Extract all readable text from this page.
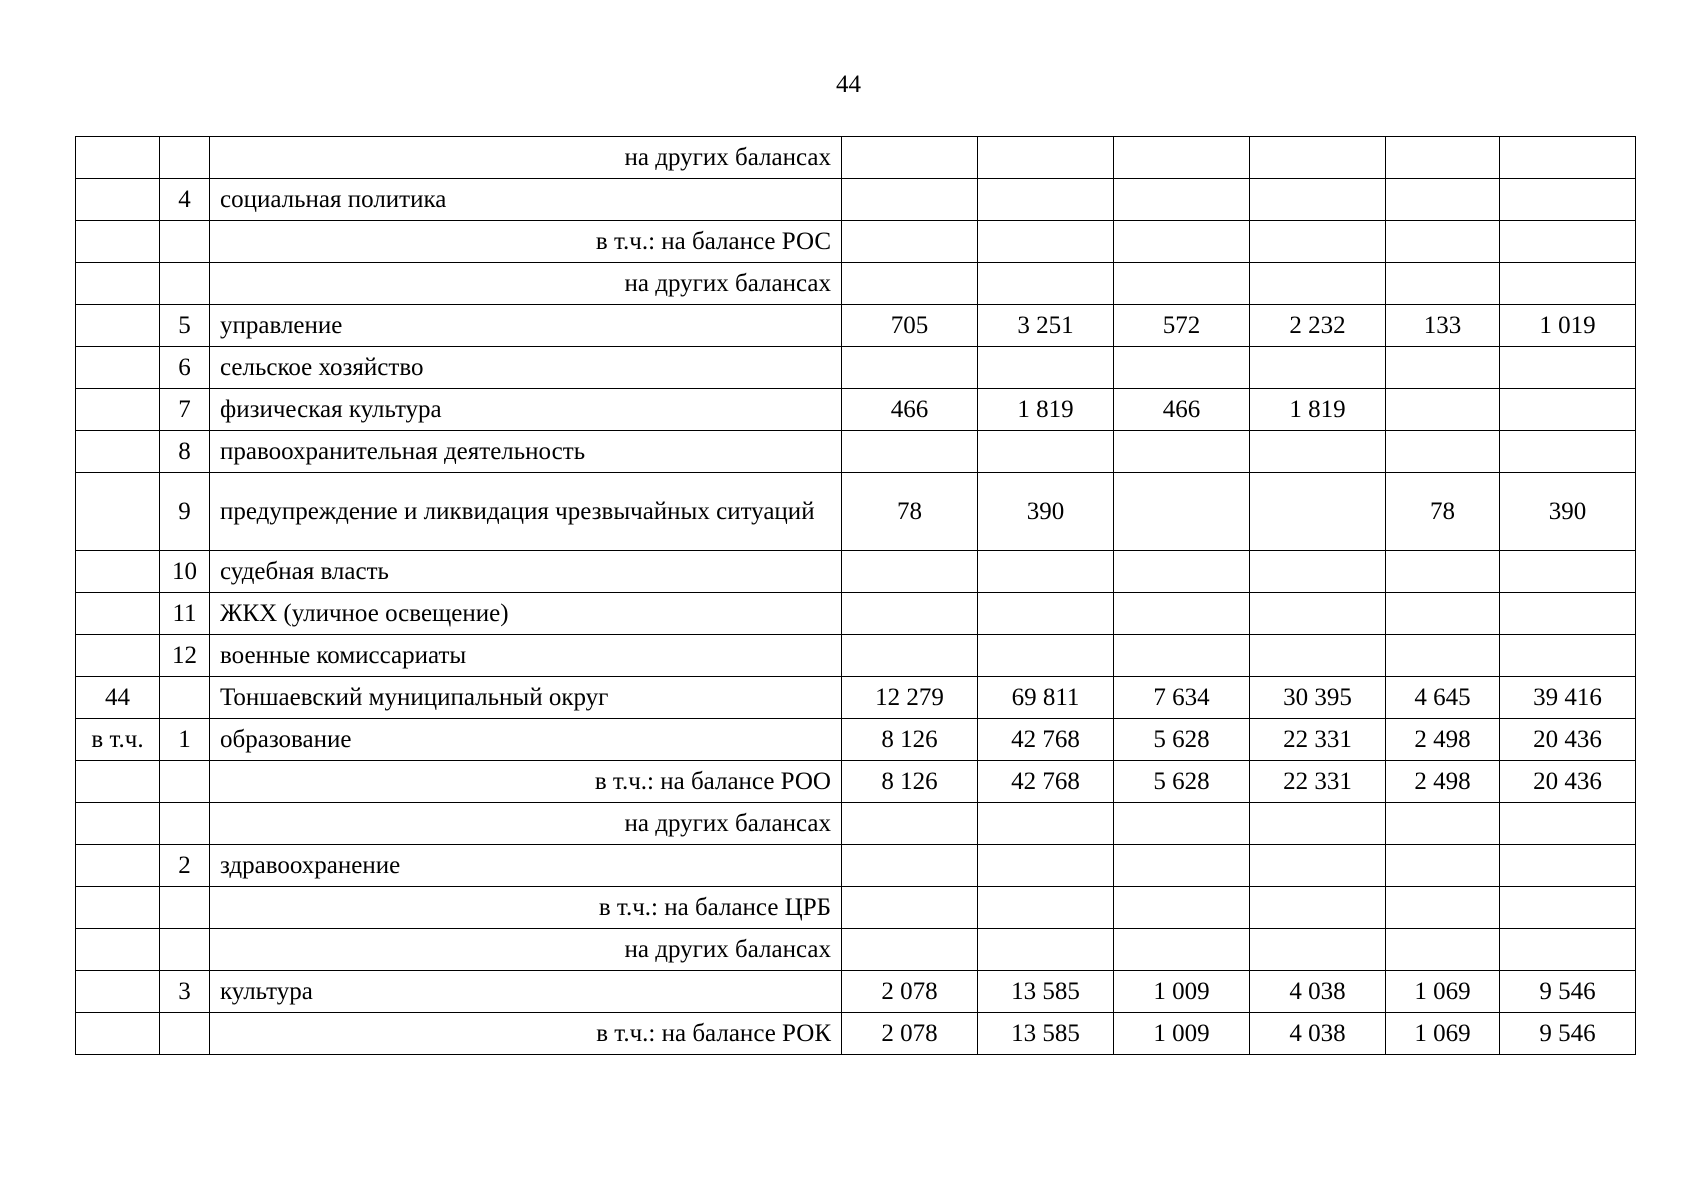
44
		на других балансах						
	4	социальная политика						
		в т.ч.: на балансе РОС						
		на других балансах						
	5	управление	705	3 251	572	2 232	133	1 019
	6	сельское хозяйство						
	7	физическая культура	466	1 819	466	1 819		
	8	правоохранительная деятельность						
	9	предупреждение и ликвидация чрезвычайных ситуаций	78	390			78	390
	10	судебная власть						
	11	ЖКХ (уличное освещение)						
	12	военные комиссариаты						
44		Тоншаевский муниципальный округ	12 279	69 811	7 634	30 395	4 645	39 416
в т.ч.	1	образование	8 126	42 768	5 628	22 331	2 498	20 436
		в т.ч.: на балансе РОО	8 126	42 768	5 628	22 331	2 498	20 436
		на других балансах						
	2	здравоохранение						
		в т.ч.: на балансе ЦРБ						
		на других балансах						
	3	культура	2 078	13 585	1 009	4 038	1 069	9 546
		в т.ч.: на балансе РОК	2 078	13 585	1 009	4 038	1 069	9 546
